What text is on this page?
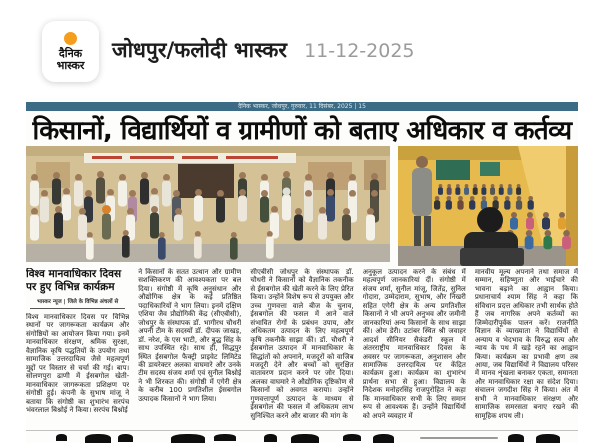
दैनिक
भास्कर
जोधपुर/फलोदी भास्कर 11-12-2025
दैनिक भास्कर, जोधपुर, गुरुवार, 11 दिसंबर, 2025 | 15
किसानों, विद्यार्थियों व ग्रामीणों को बताए अधिकार व कर्तव्य

विश्व मानवाधिकार दिवस पर हुए विभिन्न कार्यक्रम

भास्कर न्यूज | जिले के विभिन्न अंचलों से
विश्व मानवाधिकार दिवस पर विभिन्न स्थानों पर जागरूकता कार्यक्रम और संगोष्ठियों का आयोजन किया गया। इनमें मानवाधिकार संरक्षण, श्रमिक सुरक्षा, वैज्ञानिक कृषि पद्धतियों के उपयोग तथा सामाजिक उत्तरदायित्व जैसे महत्वपूर्ण मुद्दों पर विस्तार से चर्चा की गई। बाप। सोलणपुरा ढाणी में ईसबगोल खेती-मानवाधिकार जागरूकता प्रशिक्षण पर संगोष्ठी हुई। कंपनी के सुभाष मांजू ने बताया कि संगोष्ठी का शुभारंभ सरपंच भंवरलाल बिश्नोई ने किया। सरपंच बिश्नोई
ने किसानों के सतत उत्थान और ग्रामीण सशक्तिकरण की आवश्यकता पर बल दिया। संगोष्ठी में कृषि अनुसंधान और औद्योगिक क्षेत्र के कई प्रतिष्ठित पदाधिकारियों ने भाग लिया। इनमें दक्षिण एशिया जैव प्रौद्योगिकी केंद्र (सीएबीसी), जोधपुर के संस्थापक डॉ. भागीरथ चौधरी अपनी टीम के सदस्यों डॉ. दीपक जाखड़, डॉ. नरेश, के एस भाटी, और बुद्ध सिंह के साथ उपस्थित रहे। साथ ही, सिद्धपुर स्थित ईसबगोल फैक्ट्री प्राइवेट लिमिटेड की डायरेक्टर अलका वाघमारे और उनके टीम सदस्य संजय शर्मा एवं सुनील बिश्नोई ने भी शिरकत की। संगोष्ठी में एगेरी क्षेत्र के करीब 100 प्रगतिशील ईसबगोल उत्पादक किसानों ने भाग लिया।
सीएबीसी जोधपुर के संस्थापक डॉ. चौधरी ने किसानों को वैज्ञानिक तकनीक से ईसबगोल की खेती करने के लिए प्रेरित किया। उन्होंने विशेष रूप से उपयुक्त और उच्च गुणवत्ता वाले बीज के चुनाव, ईसबगोल की फसल में आने वाले संभावित रोगों के प्रबंधन उपाय, और अधिकतम उत्पादन के लिए महत्वपूर्ण कृषि तकनीकें साझा कीं। डॉ. चौधरी ने ईसबगोल उत्पादन में मानवाधिकार के सिद्धांतों को अपनाने, मजदूरों को वाजिब मजदूरी देने और बच्चों को सुरक्षित वातावरण प्रदान करने पर जोर दिया। अलका वाघमारे ने औद्योगिक दृष्टिकोण से किसानों को अवगत कराया। उन्होंने गुणवत्तापूर्ण उत्पादन के माध्यम से ईसबगोल की फसल में अधिकतम लाभ सुनिश्चित करने और बाजार की मांग के
अनुकूल उत्पादन करने के संबंध में महत्वपूर्ण जानकारियां दीं। संगोष्ठी में संजय शर्मा, सुनील मांजू, जितेंद्र, सुनिल गोदारा, उम्मेदाराम, सुभाष, और निखरी सहित एगेरी क्षेत्र के अन्य प्रगतिशील किसानों ने भी अपने अनुभव और जमीनी जानकारियां अन्य किसानों के साथ साझा कीं। ओम डेरी। उटांबर स्थित श्री जवाहर आदर्श सीनियर सैकंडरी स्कूल में अंतरराष्ट्रीय मानवाधिकार दिवस के अवसर पर जागरूकता, अनुशासन और सामाजिक उत्तरदायित्व पर केंद्रित कार्यक्रम हुआ। कार्यक्रम का शुभारंभ प्रार्थना सभा से हुआ। विद्यालय के निदेशक मनोहरसिंह राजपुरोहित ने कहा कि मानवाधिकार सभी के लिए समान रूप से आवश्यक हैं। उन्होंने विद्यार्थियों को अपने व्यवहार में
मानवीय मूल्य अपनाने तथा समाज में सम्मान, सहिष्णुता और भाईचारे की भावना बढ़ाने का आह्वान किया। प्रधानाचार्य श्याम सिंह ने कहा कि संविधान प्रदत्त अधिकार तभी सार्थक होते हैं जब नागरिक अपने कर्तव्यों का जिम्मेदारीपूर्वक पालन करें। राजनीति विज्ञान के व्याख्याता ने विद्यार्थियों से अन्याय व भेदभाव के विरुद्ध सत्य और न्याय के पथ में खड़े रहने का आह्वान किया। कार्यक्रम का प्रभावी क्षण तब आया, जब विद्यार्थियों ने विद्यालय परिसर में मानव शृंखला बनाकर एकता, समानता और मानवाधिकार रक्षा का संदेश दिया। संचालन जगदीश सिंह ने किया। अंत में सभी ने मानवाधिकार संरक्षण और सामाजिक समरसता बनाए रखने की सामूहिक शपथ ली।
